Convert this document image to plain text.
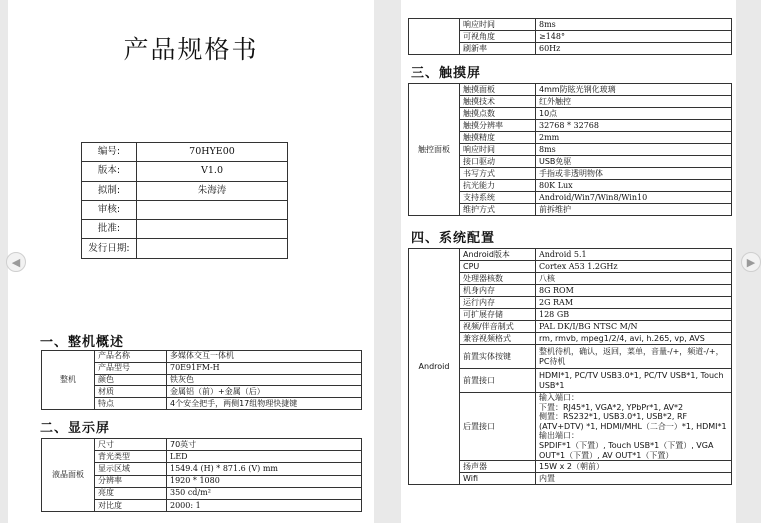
◀	▶
产品规格书
编号:	70HYE00
版本:	V1.0
拟制:	朱海涛
审核:	
批准:	
发行日期:	
一、整机概述
整机	产品名称	多媒体交互一体机
	产品型号	70E91FM-H
	颜色	铁灰色
	材质	金属铝（前）+金属（后）
	特点	4个安全把手，两侧17组物理快捷键
二、显示屏
液晶面板	尺寸	70英寸
	背光类型	LED
	显示区域	1549.4 (H) * 871.6 (V) mm
	分辨率	1920 * 1080
	亮度	350 cd/m²
	对比度	2000: 1
	响应时间	8ms
	可视角度	≥148°
	刷新率	60Hz
三、触摸屏
触控面板	触摸面板	4mm防眩光钢化玻璃
	触摸技术	红外触控
	触摸点数	10点
	触摸分辨率	32768 * 32768
	触摸精度	2mm
	响应时间	8ms
	接口驱动	USB免驱
	书写方式	手指或非透明物体
	抗光能力	80K Lux
	支持系统	Android/Win7/Win8/Win10
	维护方式	前拆维护
四、系统配置
Android	Android版本	Android 5.1
	CPU	Cortex A53 1.2GHz
	处理器核数	八核
	机身内存	8G ROM
	运行内存	2G RAM
	可扩展存储	128 GB
	视频/伴音制式	PAL DK/I/BG NTSC M/N
	兼容视频格式	rm, rmvb, mpeg1/2/4, avi, h.265, vp, AVS
	前置实体按键	整机待机，确认，返回，菜单，音量-/+，频道-/+，PC待机
	前置接口	HDMI*1, PC/TV USB3.0*1, PC/TV USB*1, Touch USB*1
	后置接口	输入端口：
下置：RJ45*1, VGA*2, YPbPr*1, AV*2
侧置：RS232*1, USB3.0*1, USB*2, RF (ATV+DTV) *1, HDMI/MHL（二合一）*1, HDMI*1
输出端口：
SPDIF*1（下置）, Touch USB*1（下置）, VGA OUT*1（下置）, AV OUT*1（下置）
	扬声器	15W x 2（朝前）
	Wifi	内置
